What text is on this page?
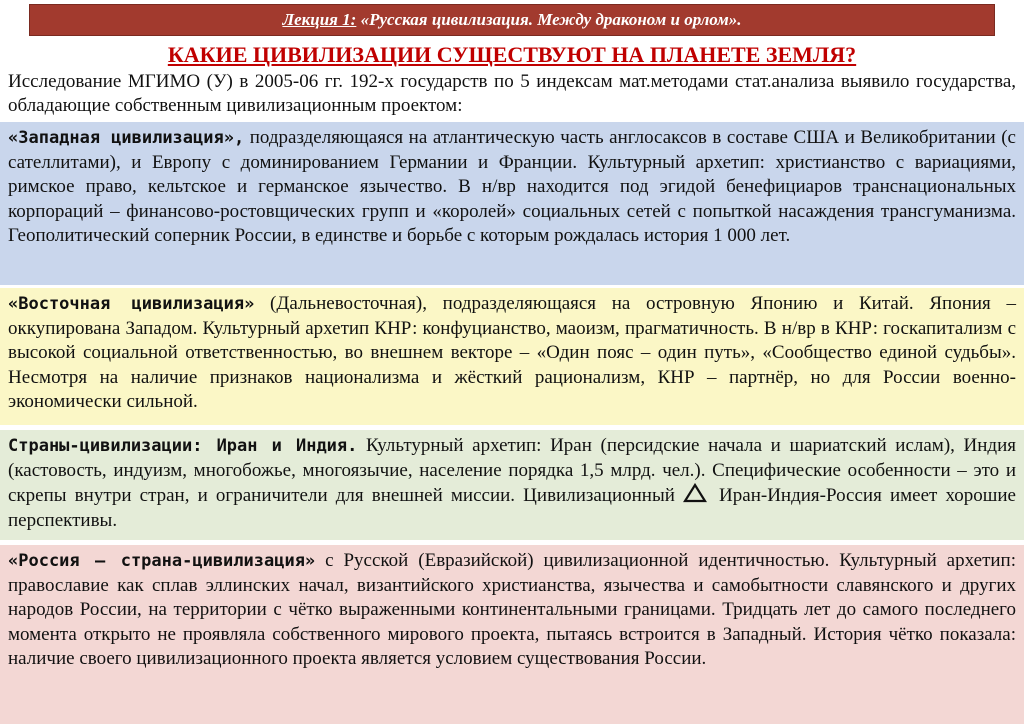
Лекция 1: «Русская цивилизация. Между драконом и орлом».
КАКИЕ ЦИВИЛИЗАЦИИ СУЩЕСТВУЮТ НА ПЛАНЕТЕ ЗЕМЛЯ?
Исследование МГИМО (У) в 2005-06 гг. 192-х государств по 5 индексам мат.методами стат.анализа выявило государства, обладающие собственным цивилизационным проектом:
«Западная цивилизация», подразделяющаяся на атлантическую часть англосаксов в составе США и Великобритании (с сателлитами), и Европу с доминированием Германии и Франции. Культурный архетип: христианство с вариациями, римское право, кельтское и германское язычество. В н/вр находится под эгидой бенефициаров транснациональных корпораций – финансово-ростовщических групп и «королей» социальных сетей с попыткой насаждения трансгуманизма. Геополитический соперник России, в единстве и борьбе с которым рождалась история 1 000 лет.
«Восточная цивилизация» (Дальневосточная), подразделяющаяся на островную Японию и Китай. Япония – оккупирована Западом. Культурный архетип КНР: конфуцианство, маоизм, прагматичность. В н/вр в КНР: госкапитализм с высокой социальной ответственностью, во внешнем векторе – «Один пояс – один путь», «Сообщество единой судьбы». Несмотря на наличие признаков национализма и жёсткий рационализм, КНР – партнёр, но для России военно-экономически сильной.
Страны-цивилизации: Иран и Индия. Культурный архетип: Иран (персидские начала и шариатский ислам), Индия (кастовость, индуизм, многобожье, многоязычие, население порядка 1,5 млрд. чел.). Специфические особенности – это и скрепы внутри стран, и ограничители для внешней миссии. Цивилизационный Иран-Индия-Россия имеет хорошие перспективы.
«Россия – страна-цивилизация» с Русской (Евразийской) цивилизационной идентичностью. Культурный архетип: православие как сплав эллинских начал, византийского христианства, язычества и самобытности славянского и других народов России, на территории с чётко выраженными континентальными границами. Тридцать лет до самого последнего момента открыто не проявляла собственного мирового проекта, пытаясь встроится в Западный. История чётко показала: наличие своего цивилизационного проекта является условием существования России.
